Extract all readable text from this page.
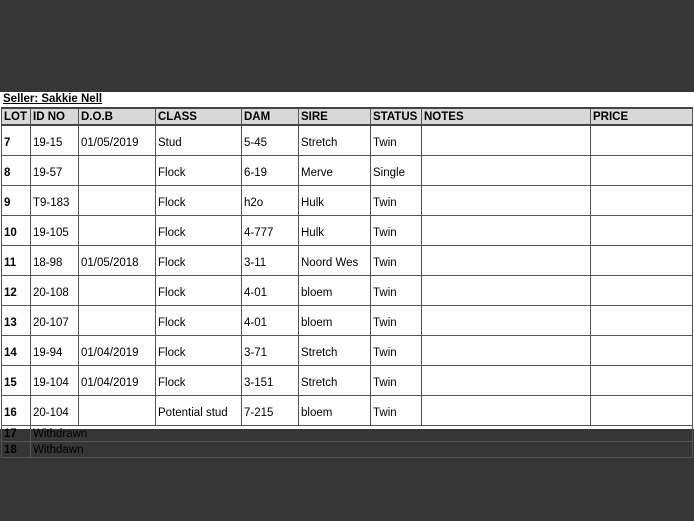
Seller: Sakkie Nell
LOT	ID NO	D.O.B	CLASS	DAM	SIRE	STATUS	NOTES	PRICE
7	19-15	01/05/2019	Stud	5-45	Stretch	Twin		
8	19-57		Flock	6-19	Merve	Single		
9	T9-183		Flock	h2o	Hulk	Twin		
10	19-105		Flock	4-777	Hulk	Twin		
11	18-98	01/05/2018	Flock	3-11	Noord Wes	Twin		
12	20-108		Flock	4-01	bloem	Twin		
13	20-107		Flock	4-01	bloem	Twin		
14	19-94	01/04/2019	Flock	3-71	Stretch	Twin		
15	19-104	01/04/2019	Flock	3-151	Stretch	Twin		
16	20-104		Potential stud	7-215	bloem	Twin		
17	Withdrawn							
18	Withdawn							
